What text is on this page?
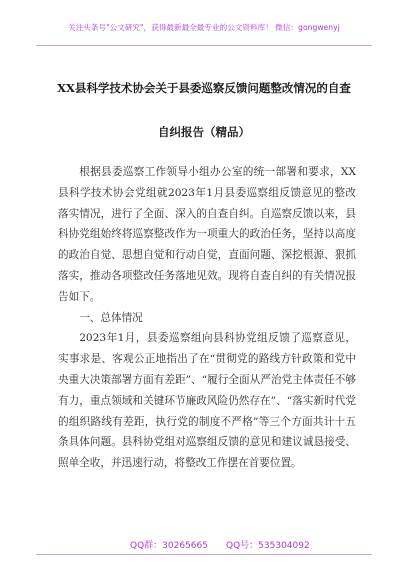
关注头条号"公文研究"，获得最新最全最专业的公文资料库！ 微信：gongwenyj
XX县科学技术协会关于县委巡察反馈问题整改情况的自查
自纠报告（精品）

根据县委巡察工作领导小组办公室的统一部署和要求，XX县科学技术协会党组就2023年1月县委巡察组反馈意见的整改落实情况，进行了全面、深入的自查自纠。自巡察反馈以来，县科协党组始终将巡察整改作为一项重大的政治任务，坚持以高度的政治自觉、思想自觉和行动自觉，直面问题、深挖根源、狠抓落实，推动各项整改任务落地见效。现将自查自纠的有关情况报告如下。

一、总体情况

2023年1月，县委巡察组向县科协党组反馈了巡察意见，实事求是、客观公正地指出了在“贯彻党的路线方针政策和党中央重大决策部署方面有差距”、“履行全面从严治党主体责任不够有力，重点领域和关键环节廉政风险仍然存在”、“落实新时代党的组织路线有差距，执行党的制度不严格”等三个方面共计十五条具体问题。县科协党组对巡察组反馈的意见和建议诚恳接受、照单全收，并迅速行动，将整改工作摆在首要位置。

QQ群：30265665 QQ号：535304092
